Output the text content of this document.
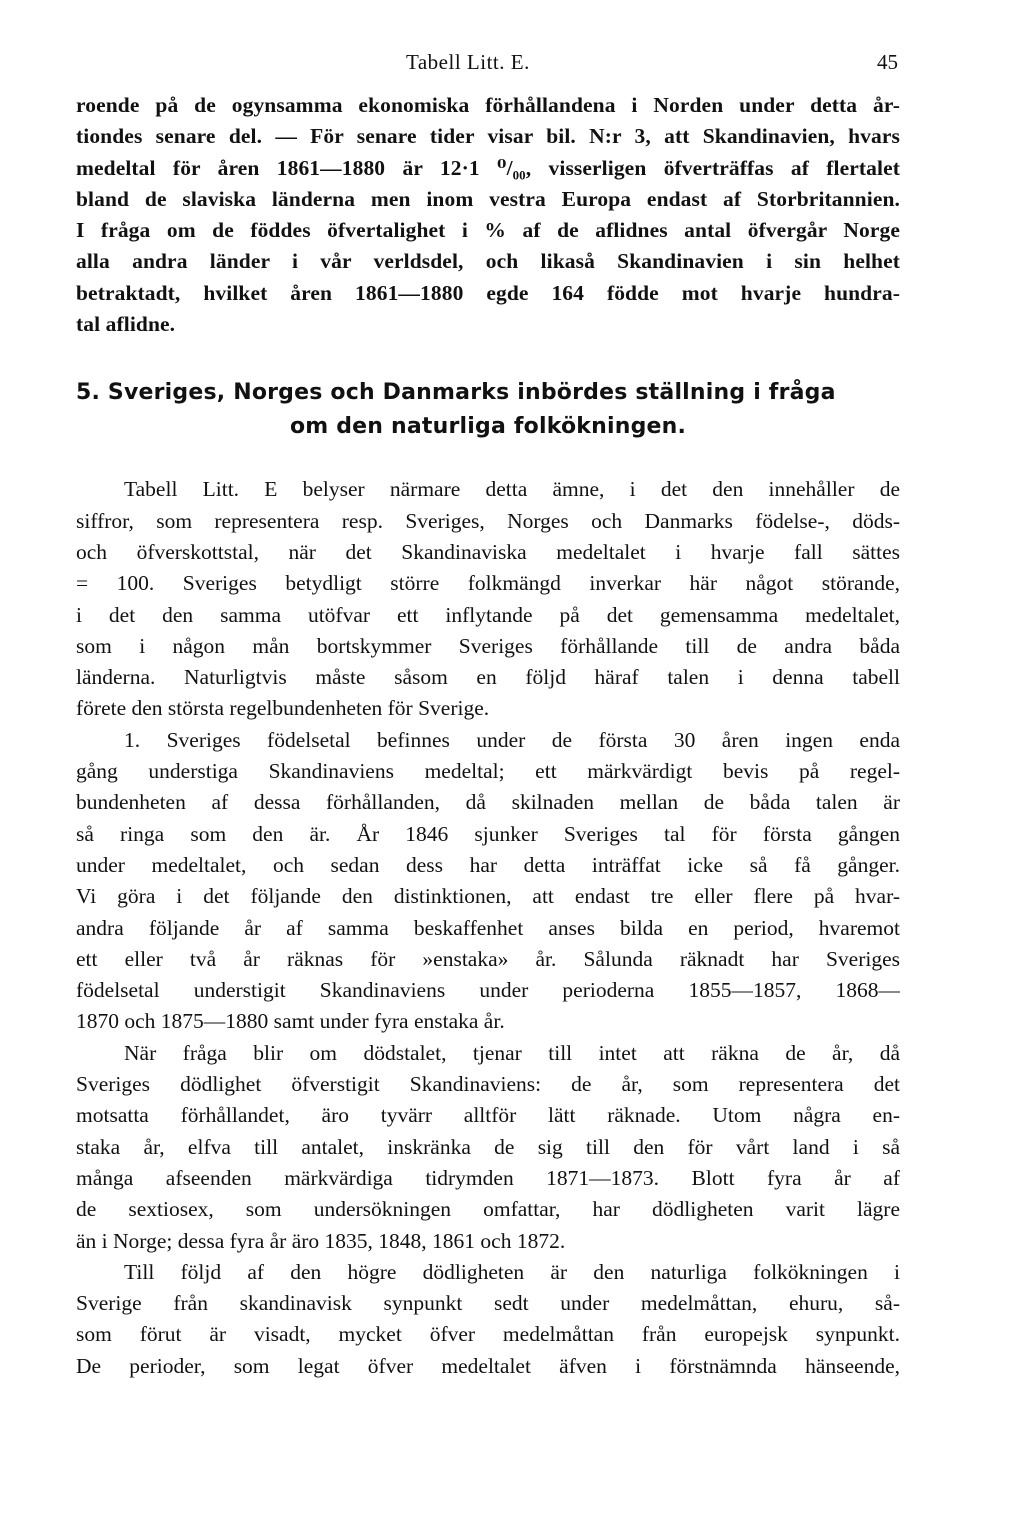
Tabell Litt. E.	45
roende på de ogynsamma ekonomiska förhållandena i Norden under detta år-
tiondes senare del. — För senare tider visar bil. N:r 3, att Skandinavien, hvars
medeltal för åren 1861—1880 är 12·1 ⁰/₀₀, visserligen öfverträffas af flertalet
bland de slaviska länderna men inom vestra Europa endast af Storbritannien.
I fråga om de föddes öfvertalighet i % af de aflidnes antal öfvergår Norge
alla andra länder i vår verldsdel, och likaså Skandinavien i sin helhet
betraktadt, hvilket åren 1861—1880 egde 164 födde mot hvarje hundra-
tal aflidne.
5. Sveriges, Norges och Danmarks inbördes ställning i fråga
om den naturliga folkökningen.
Tabell Litt. E belyser närmare detta ämne, i det den innehåller de
siffror, som representera resp. Sveriges, Norges och Danmarks födelse-, döds-
och öfverskottstal, när det Skandinaviska medeltalet i hvarje fall sättes
= 100. Sveriges betydligt större folkmängd inverkar här något störande,
i det den samma utöfvar ett inflytande på det gemensamma medeltalet,
som i någon mån bortskymmer Sveriges förhållande till de andra båda
länderna. Naturligtvis måste såsom en följd häraf talen i denna tabell
förete den största regelbundenheten för Sverige.
1. Sveriges födelsetal befinnes under de första 30 åren ingen enda
gång understiga Skandinaviens medeltal; ett märkvärdigt bevis på regel-
bundenheten af dessa förhållanden, då skilnaden mellan de båda talen är
så ringa som den är. År 1846 sjunker Sveriges tal för första gången
under medeltalet, och sedan dess har detta inträffat icke så få gånger.
Vi göra i det följande den distinktionen, att endast tre eller flere på hvar-
andra följande år af samma beskaffenhet anses bilda en period, hvaremot
ett eller två år räknas för »enstaka» år. Sålunda räknadt har Sveriges
födelsetal understigit Skandinaviens under perioderna 1855—1857, 1868—
1870 och 1875—1880 samt under fyra enstaka år.
När fråga blir om dödstalet, tjenar till intet att räkna de år, då
Sveriges dödlighet öfverstigit Skandinaviens: de år, som representera det
motsatta förhållandet, äro tyvärr alltför lätt räknade. Utom några en-
staka år, elfva till antalet, inskränka de sig till den för vårt land i så
många afseenden märkvärdiga tidrymden 1871—1873. Blott fyra år af
de sextiosex, som undersökningen omfattar, har dödligheten varit lägre
än i Norge; dessa fyra år äro 1835, 1848, 1861 och 1872.
Till följd af den högre dödligheten är den naturliga folkökningen i
Sverige från skandinavisk synpunkt sedt under medelmåttan, ehuru, så-
som förut är visadt, mycket öfver medelmåttan från europejsk synpunkt.
De perioder, som legat öfver medeltalet äfven i förstnämnda hänseende,
